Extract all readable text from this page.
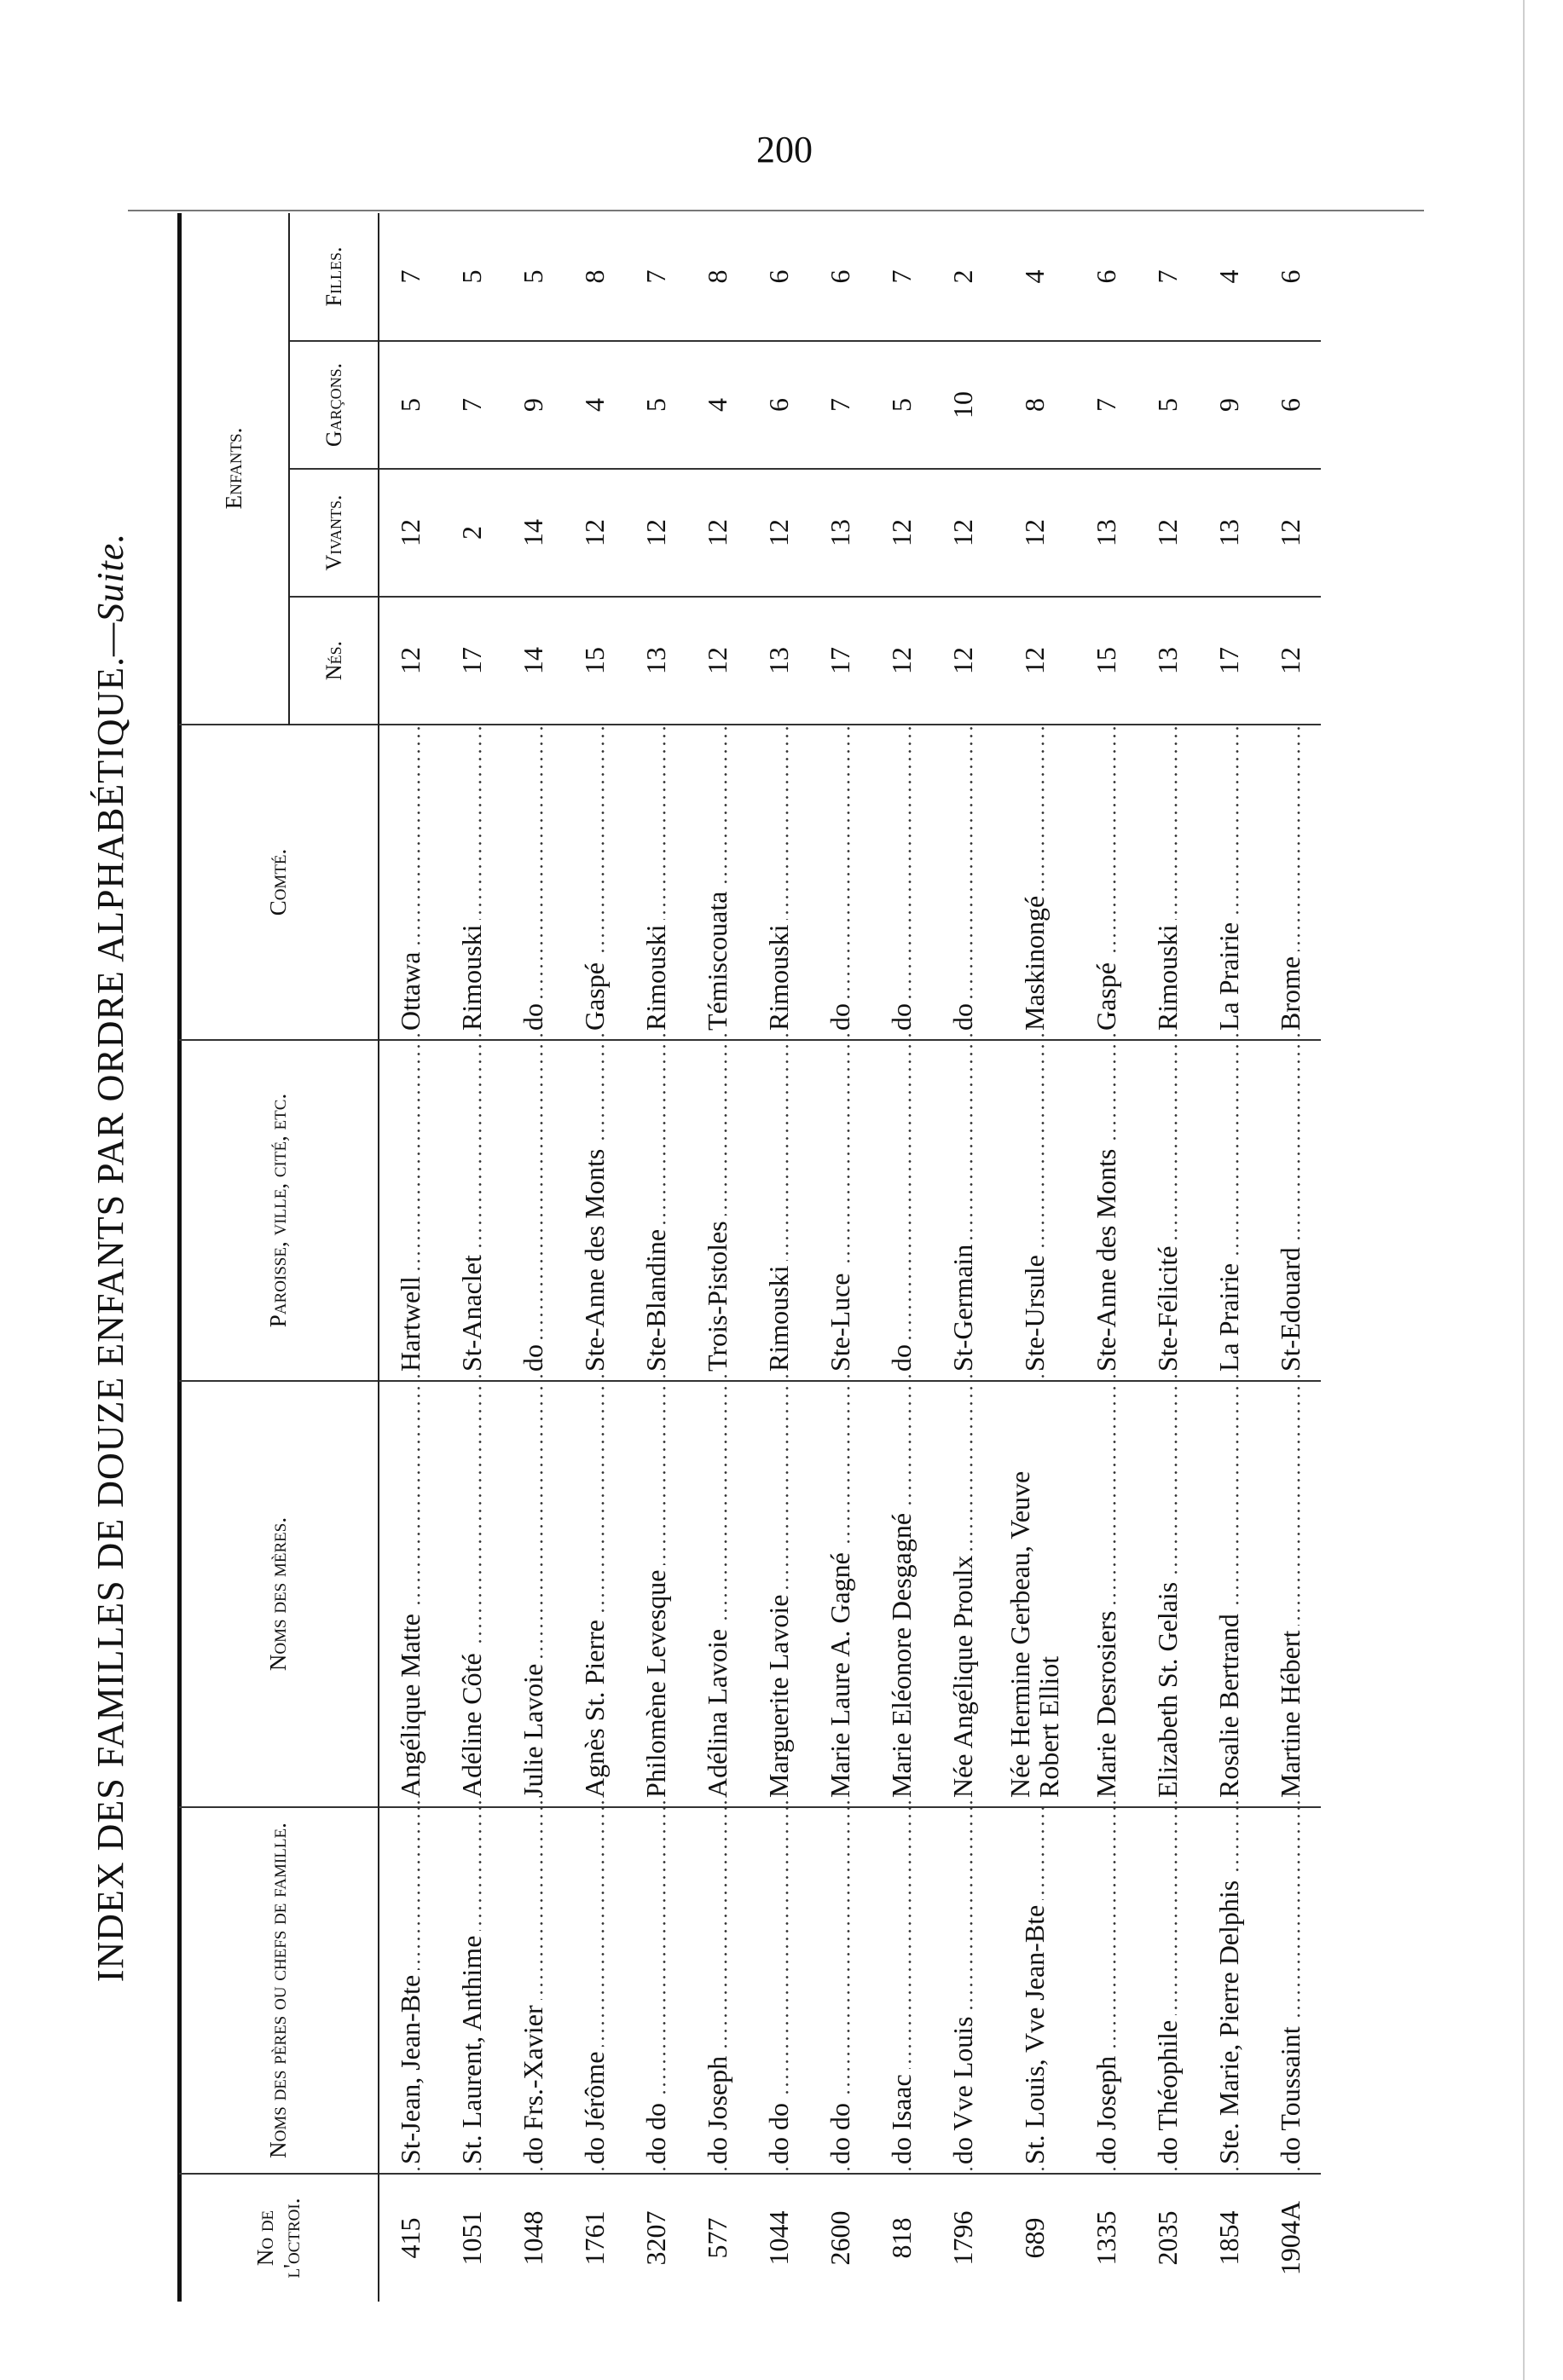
200
INDEX DES FAMILLES DE DOUZE ENFANTS PAR ORDRE ALPHABÉTIQUE.—Suite.
No de l'octroi.	Noms des pères ou chefs de famille.	Noms des mères.	Paroisse, ville, cité, etc.	Comté.	Enfants.			
					Nés.	Vivants.	Garçons.	Filles.
415	St-Jean, Jean-Bte	Angélique Matte	Hartwell	Ottawa	12	12	5	7
1051	St. Laurent, Anthime	Adéline Côté	St-Anaclet	Rimouski	17	2	7	5
1048	do Frs.-Xavier	Julie Lavoie	do	do	14	14	9	5
1761	do Jérôme	Agnès St. Pierre	Ste-Anne des Monts	Gaspé	15	12	4	8
3207	do do	Philomène Levesque	Ste-Blandine	Rimouski	13	12	5	7
577	do Joseph	Adélina Lavoie	Trois-Pistoles	Témiscouata	12	12	4	8
1044	do do	Marguerite Lavoie	Rimouski	Rimouski	13	12	6	6
2600	do do	Marie Laure A. Gagné	Ste-Luce	do	17	13	7	6
818	do Isaac	Marie Eléonore Desgagné	do	do	12	12	5	7
1796	do Vve Louis	Née Angélique Proulx	St-Germain	do	12	12	10	2
689	St. Louis, Vve Jean-Bte	Née Hermine Gerbeau, Veuve Robert Elliot	Ste-Ursule	Maskinongé	12	12	8	4
1335	do Joseph	Marie Desrosiers	Ste-Anne des Monts	Gaspé	15	13	7	6
2035	do Théophile	Elizabeth St. Gelais	Ste-Félicité	Rimouski	13	12	5	7
1854	Ste. Marie, Pierre Delphis	Rosalie Bertrand	La Prairie	La Prairie	17	13	9	4
1904A	do Toussaint	Martine Hébert	St-Edouard	Brome	12	12	6	6
